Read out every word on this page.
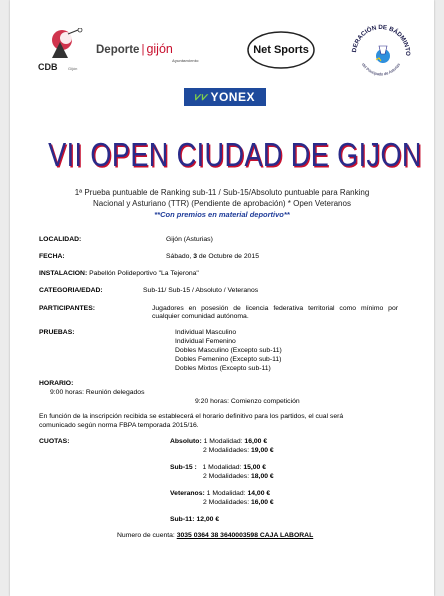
CDB	Gijón
Deporte | gijón
Ayuntamiento
Net Sports	DERACIÓN DE BÁDMINTO
del Principado de Asturias
⩗⩗ YONEX
VII OPEN CIUDAD DE GIJON
1ª Prueba puntuable de Ranking sub-11 / Sub-15/Absoluto puntuable para Ranking
Nacional y Asturiano (TTR) (Pendiente de aprobación) * Open Veteranos
**Con premios en material deportivo**
LOCALIDAD:	Gijón (Asturias)
FECHA:	Sábado, 3 de Octubre de 2015
INSTALACION: Pabellón Polideportivo "La Tejerona"
CATEGORIA/EDAD:	Sub-11/ Sub-15 / Absoluto / Veteranos
PARTICIPANTES:	Jugadores en posesión de licencia federativa territorial como mínimo por
cualquier comunidad autónoma.
PRUEBAS:	Individual Masculino
Individual Femenino
Dobles Masculino (Excepto sub-11)
Dobles Femenino (Excepto sub-11)
Dobles Mixtos (Excepto sub-11)
HORARIO:
9:00 horas: Reunión delegados
9:20 horas: Comienzo competición
En función de la inscripción recibida se establecerá el horario definitivo para los partidos, el cual será
comunicado según norma FBPA temporada 2015/16.
CUOTAS:	Absoluto: 1 Modalidad: 16,00 €
2 Modalidades: 19,00 €
Sub-15 : 1 Modalidad: 15,00 €
2 Modalidades: 18,00 €
Veteranos: 1 Modalidad: 14,00 €
2 Modalidades: 16,00 €
Sub-11: 12,00 €
Numero de cuenta: 3035 0364 38 3640003598 CAJA LABORAL
